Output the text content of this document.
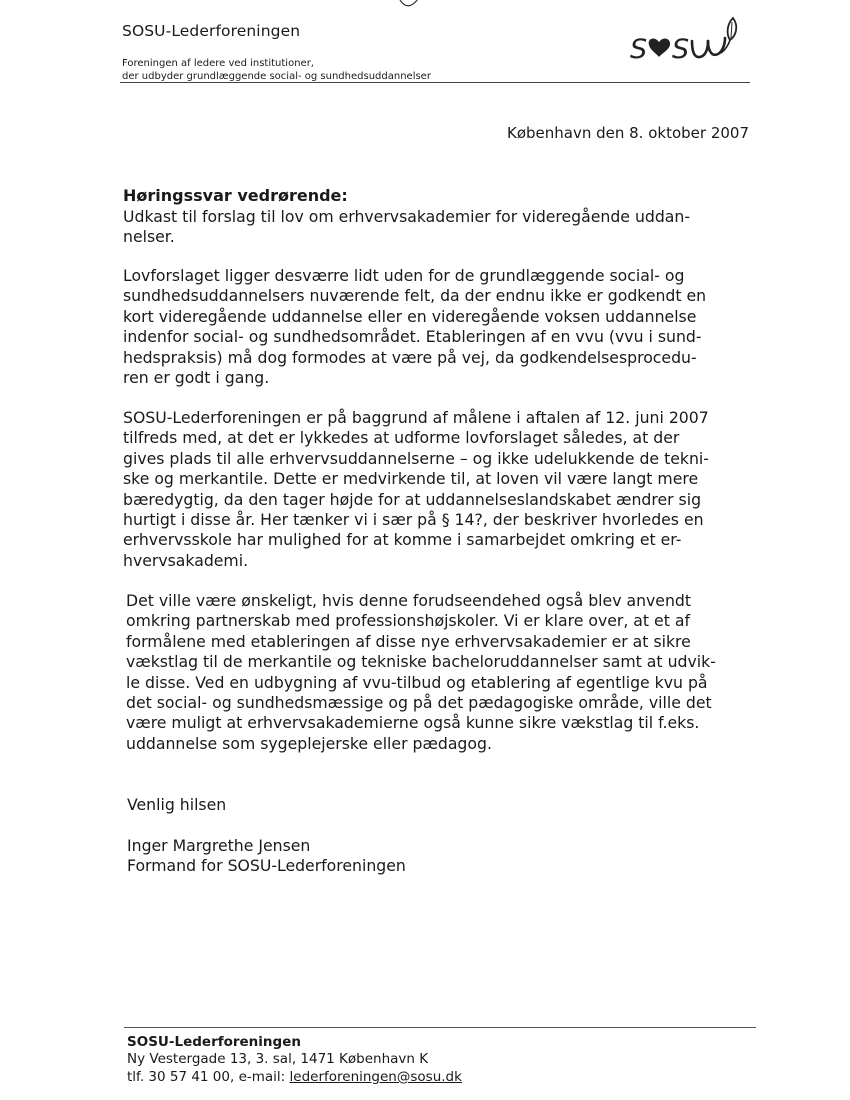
SOSU-Lederforeningen
Foreningen af ledere ved institutioner,
der udbyder grundlæggende social- og sundhedsuddannelser
S S
København den 8. oktober 2007
Høringssvar vedrørende:
Udkast til forslag til lov om erhvervsakademier for videregående uddan-
nelser.
Lovforslaget ligger desværre lidt uden for de grundlæggende social- og
sundhedsuddannelsers nuværende felt, da der endnu ikke er godkendt en
kort videregående uddannelse eller en videregående voksen uddannelse
indenfor social- og sundhedsområdet. Etableringen af en vvu (vvu i sund-
hedspraksis) må dog formodes at være på vej, da godkendelsesprocedu-
ren er godt i gang.
SOSU-Lederforeningen er på baggrund af målene i aftalen af 12. juni 2007
tilfreds med, at det er lykkedes at udforme lovforslaget således, at der
gives plads til alle erhvervsuddannelserne – og ikke udelukkende de tekni-
ske og merkantile. Dette er medvirkende til, at loven vil være langt mere
bæredygtig, da den tager højde for at uddannelseslandskabet ændrer sig
hurtigt i disse år. Her tænker vi i sær på § 14?, der beskriver hvorledes en
erhvervsskole har mulighed for at komme i samarbejdet omkring et er-
hvervsakademi.
Det ville være ønskeligt, hvis denne forudseendehed også blev anvendt
omkring partnerskab med professionshøjskoler. Vi er klare over, at et af
formålene med etableringen af disse nye erhvervsakademier er at sikre
vækstlag til de merkantile og tekniske bacheloruddannelser samt at udvik-
le disse. Ved en udbygning af vvu-tilbud og etablering af egentlige kvu på
det social- og sundhedsmæssige og på det pædagogiske område, ville det
være muligt at erhvervsakademierne også kunne sikre vækstlag til f.eks.
uddannelse som sygeplejerske eller pædagog.
Venlig hilsen
Inger Margrethe Jensen
Formand for SOSU-Lederforeningen
SOSU-Lederforeningen
Ny Vestergade 13, 3. sal, 1471 København K
tlf. 30 57 41 00, e-mail: lederforeningen@sosu.dk
